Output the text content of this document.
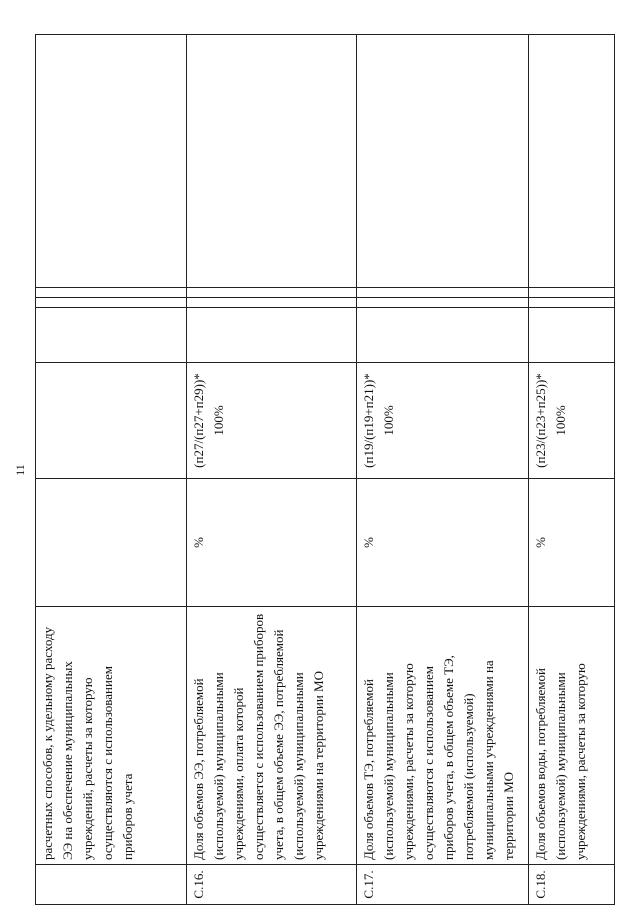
11
	расчетных способов, к удельному расходу ЭЭ на обеспечение муниципальных учреждений, расчеты за которую осуществляются с использованием приборов учета						
С.16.	Доля объемов ЭЭ, потребляемой (используемой) муниципальными учреждениями, оплата которой осуществляется с использованием приборов учета, в общем объеме ЭЭ, потребляемой (используемой) муниципальными учреждениями на территории МО	%	(п27/(п27+п29))* 100%				

С.17.	Доля объемов ТЭ, потребляемой (используемой) муниципальными учреждениями, расчеты за которую осуществляются с использованием приборов учета, в общем объеме ТЭ, потребляемой (используемой) муниципальными учреждениями на территории МО	%	(п19/(п19+п21))* 100%				

С.18.	Доля объемов воды, потребляемой (используемой) муниципальными учреждениями, расчеты за которую	%	(п23/(п23+п25))* 100%				
